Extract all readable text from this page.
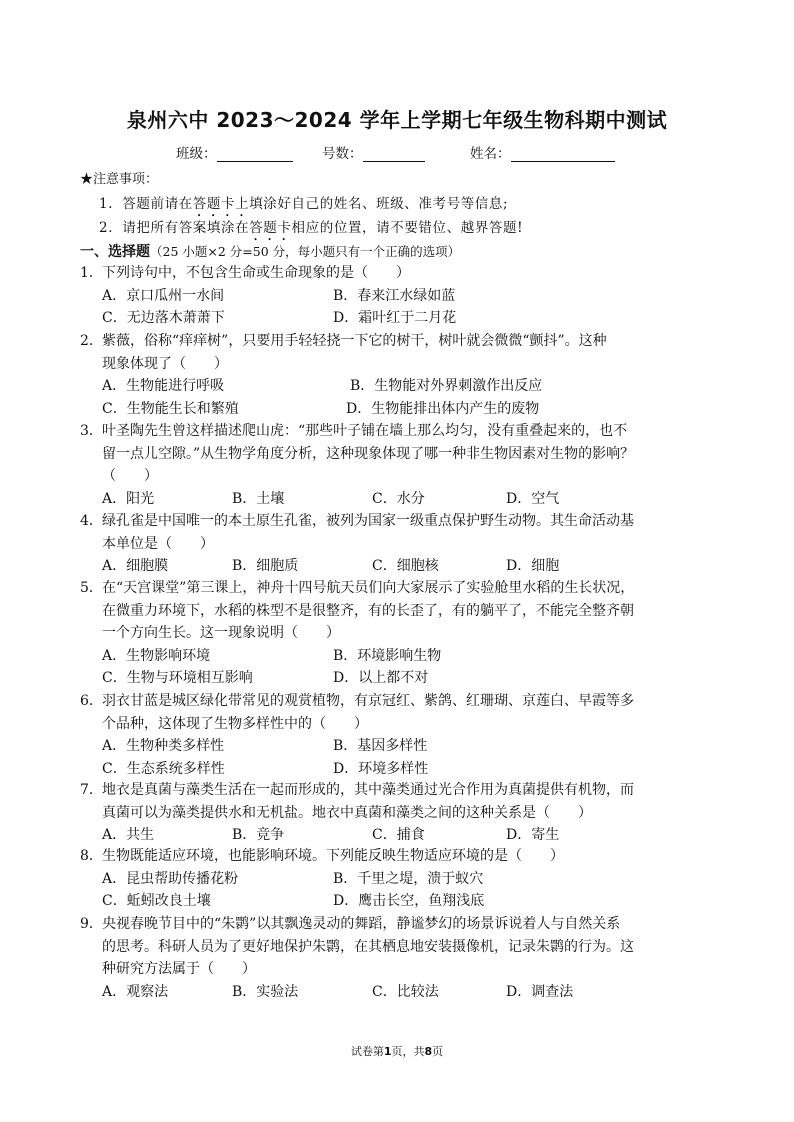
泉州六中 2023～2024 学年上学期七年级生物科期中测试
班级：	号数：	姓名：
★注意事项：
1．答题前请在答题卡上填涂好自己的姓名、班级、准考号等信息;
2．请把所有答案填涂在答题卡相应的位置，请不要错位、越界答题!
一、选择题（25 小题×2 分=50 分，每小题只有一个正确的选项）

1．下列诗句中，不包含生命或生命现象的是（　　）

A．京口瓜州一水间	B．春来江水绿如蓝
C．无边落木萧萧下	D．霜叶红于二月花

2．紫薇，俗称“痒痒树”，只要用手轻轻挠一下它的树干，树叶就会微微“颤抖”。这种
现象体现了（　　）

A．生物能进行呼吸	B．生物能对外界刺激作出反应
C．生物能生长和繁殖	D．生物能排出体内产生的废物

3．叶圣陶先生曾这样描述爬山虎：“那些叶子铺在墙上那么均匀，没有重叠起来的，也不
留一点儿空隙。”从生物学角度分析，这种现象体现了哪一种非生物因素对生物的影响？
（　　）

A．阳光	B．土壤	C．水分	D．空气

4．绿孔雀是中国唯一的本土原生孔雀，被列为国家一级重点保护野生动物。其生命活动基
本单位是（　　）

A．细胞膜	B．细胞质	C．细胞核	D．细胞

5．在“天宫课堂”第三课上，神舟十四号航天员们向大家展示了实验舱里水稻的生长状况，
在微重力环境下，水稻的株型不是很整齐，有的长歪了，有的躺平了，不能完全整齐朝
一个方向生长。这一现象说明（　　）

A．生物影响环境	B．环境影响生物
C．生物与环境相互影响	D．以上都不对

6．羽衣甘蓝是城区绿化带常见的观赏植物，有京冠红、紫鸽、红珊瑚、京莲白、早霞等多
个品种，这体现了生物多样性中的（　　）

A．生物种类多样性	B．基因多样性
C．生态系统多样性	D．环境多样性

7．地衣是真菌与藻类生活在一起而形成的，其中藻类通过光合作用为真菌提供有机物，而
真菌可以为藻类提供水和无机盐。地衣中真菌和藻类之间的这种关系是（　　）

A．共生	B．竞争	C．捕食	D．寄生

8．生物既能适应环境，也能影响环境。下列能反映生物适应环境的是（　　）

A．昆虫帮助传播花粉	B．千里之堤，溃于蚁穴
C．蚯蚓改良土壤	D．鹰击长空，鱼翔浅底

9．央视春晚节目中的“朱鹮”以其飘逸灵动的舞蹈，静谧梦幻的场景诉说着人与自然关系
的思考。科研人员为了更好地保护朱鹮，在其栖息地安装摄像机，记录朱鹮的行为。这
种研究方法属于（　　）

A．观察法	B．实验法	C．比较法	D．调查法
试卷第1页，共8页
